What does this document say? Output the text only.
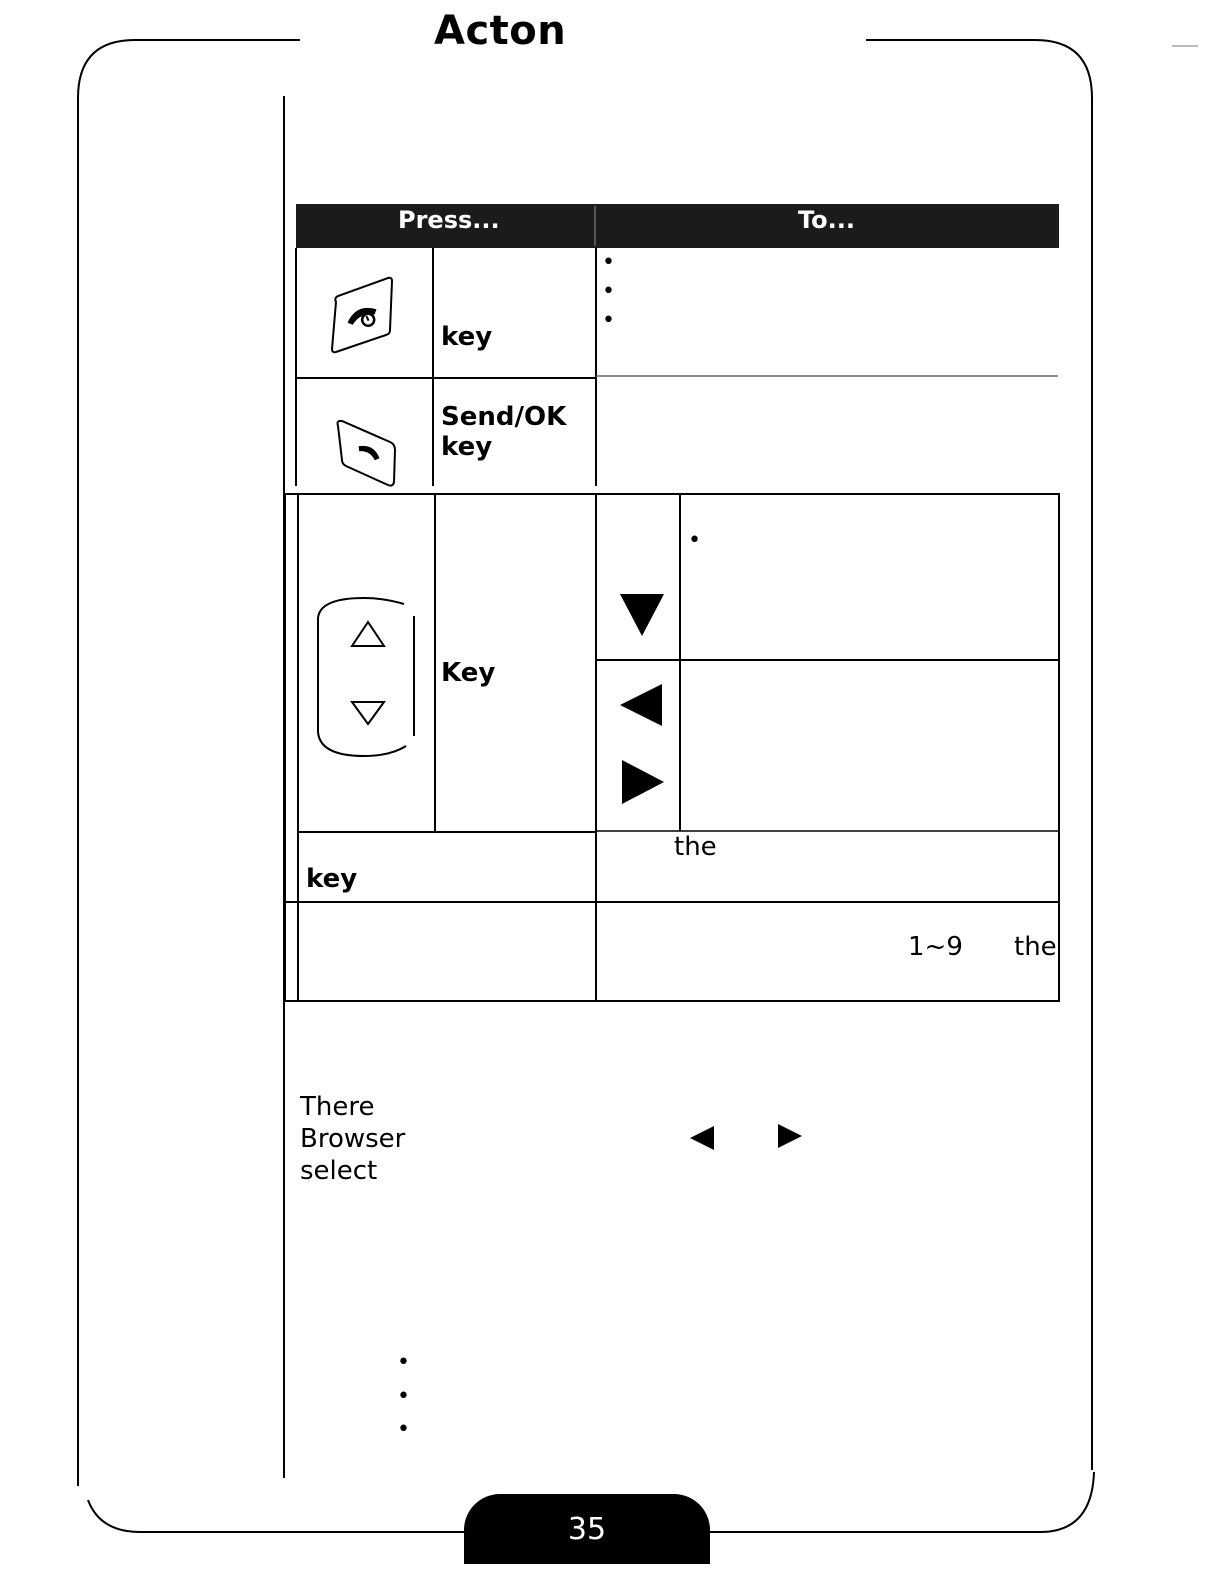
Acton
Press...	To...
key
•
•
•
Send/OK
key
Key
•
key
the
1~9 the
There
Browser
select
•
•
•
35
